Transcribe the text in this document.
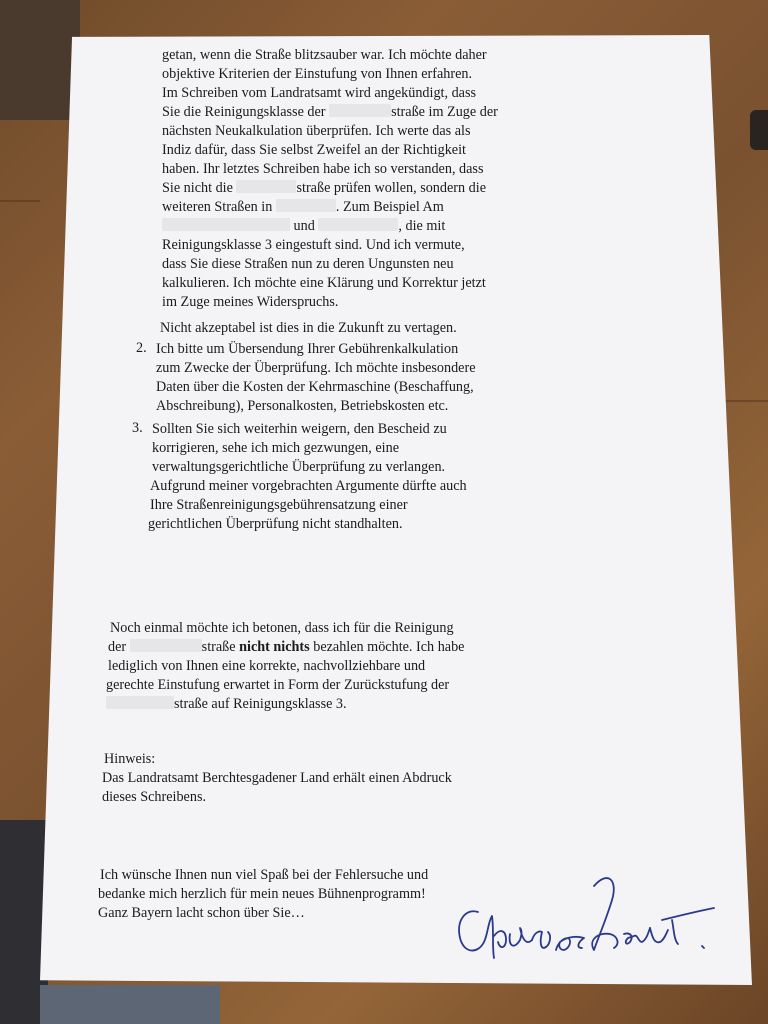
getan, wenn die Straße blitzsauber war. Ich möchte daher
objektive Kriterien der Einstufung von Ihnen erfahren.
Im Schreiben vom Landratsamt wird angekündigt, dass
Sie die Reinigungsklasse der	straße im Zuge der
nächsten Neukalkulation überprüfen. Ich werte das als
Indiz dafür, dass Sie selbst Zweifel an der Richtigkeit
haben. Ihr letztes Schreiben habe ich so verstanden, dass
Sie nicht die	straße prüfen wollen, sondern die
weiteren Straßen in	. Zum Beispiel Am
und	, die mit
Reinigungsklasse 3 eingestuft sind. Und ich vermute,
dass Sie diese Straßen nun zu deren Ungunsten neu
kalkulieren. Ich möchte eine Klärung und Korrektur jetzt
im Zuge meines Widerspruchs.
Nicht akzeptabel ist dies in die Zukunft zu vertagen.
2. Ich bitte um Übersendung Ihrer Gebührenkalkulation
zum Zwecke der Überprüfung. Ich möchte insbesondere
Daten über die Kosten der Kehrmaschine (Beschaffung,
Abschreibung), Personalkosten, Betriebskosten etc.
3. Sollten Sie sich weiterhin weigern, den Bescheid zu
korrigieren, sehe ich mich gezwungen, eine
verwaltungsgerichtliche Überprüfung zu verlangen.
Aufgrund meiner vorgebrachten Argumente dürfte auch
Ihre Straßenreinigungsgebührensatzung einer
gerichtlichen Überprüfung nicht standhalten.
Noch einmal möchte ich betonen, dass ich für die Reinigung
der	straße nicht nichts bezahlen möchte. Ich habe
lediglich von Ihnen eine korrekte, nachvollziehbare und
gerechte Einstufung erwartet in Form der Zurückstufung der
straße auf Reinigungsklasse 3.
Hinweis:
Das Landratsamt Berchtesgadener Land erhält einen Abdruck
dieses Schreibens.
Ich wünsche Ihnen nun viel Spaß bei der Fehlersuche und
bedanke mich herzlich für mein neues Bühnenprogramm!
Ganz Bayern lacht schon über Sie…
